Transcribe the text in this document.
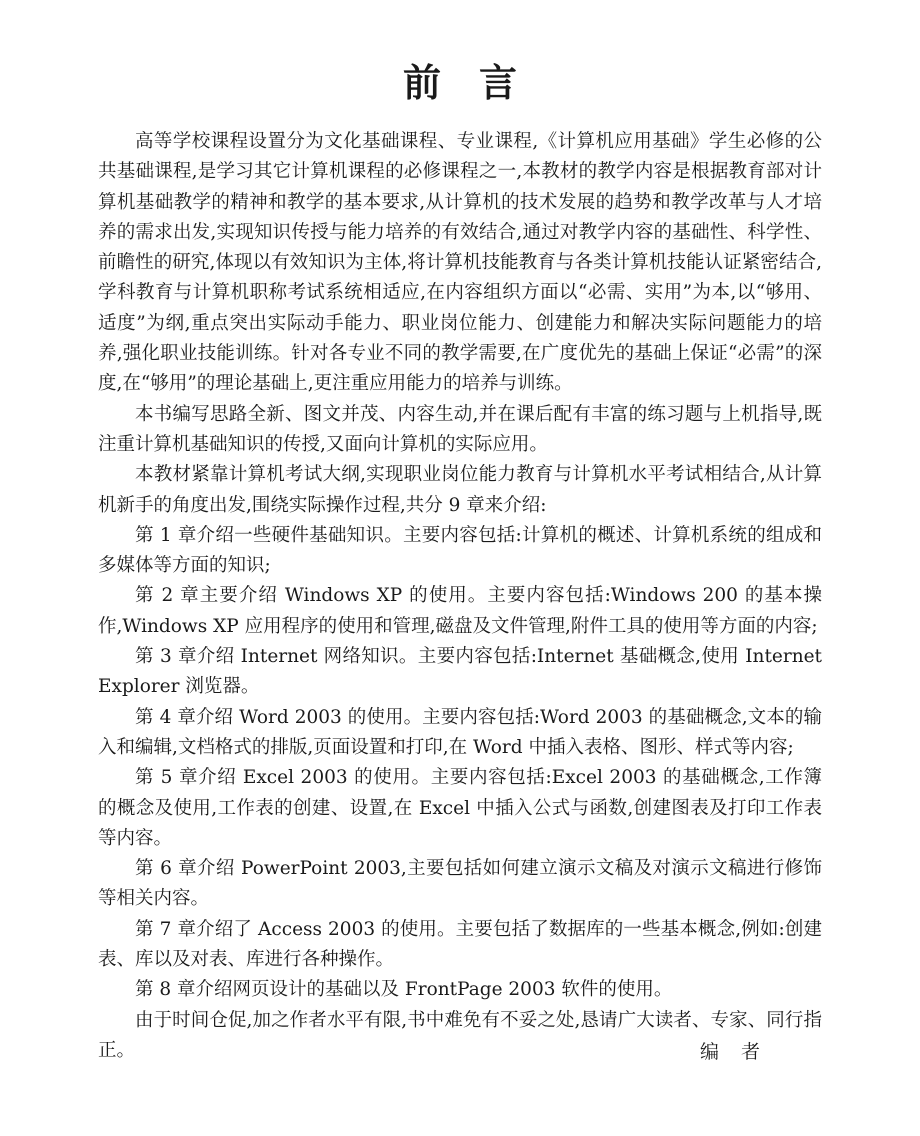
前言

高等学校课程设置分为文化基础课程、专业课程,《计算机应用基础》学生必修的公共基础课程,是学习其它计算机课程的必修课程之一,本教材的教学内容是根据教育部对计算机基础教学的精神和教学的基本要求,从计算机的技术发展的趋势和教学改革与人才培养的需求出发,实现知识传授与能力培养的有效结合,通过对教学内容的基础性、科学性、前瞻性的研究,体现以有效知识为主体,将计算机技能教育与各类计算机技能认证紧密结合,学科教育与计算机职称考试系统相适应,在内容组织方面以“必需、实用”为本,以“够用、适度”为纲,重点突出实际动手能力、职业岗位能力、创建能力和解决实际问题能力的培养,强化职业技能训练。针对各专业不同的教学需要,在广度优先的基础上保证“必需”的深度,在“够用”的理论基础上,更注重应用能力的培养与训练。

本书编写思路全新、图文并茂、内容生动,并在课后配有丰富的练习题与上机指导,既注重计算机基础知识的传授,又面向计算机的实际应用。

本教材紧靠计算机考试大纲,实现职业岗位能力教育与计算机水平考试相结合,从计算机新手的角度出发,围绕实际操作过程,共分 9 章来介绍:

第 1 章介绍一些硬件基础知识。主要内容包括:计算机的概述、计算机系统的组成和多媒体等方面的知识;

第 2 章主要介绍 Windows XP 的使用。主要内容包括:Windows 200 的基本操作,Windows XP 应用程序的使用和管理,磁盘及文件管理,附件工具的使用等方面的内容;

第 3 章介绍 Internet 网络知识。主要内容包括:Internet 基础概念,使用 Internet Explorer 浏览器。

第 4 章介绍 Word 2003 的使用。主要内容包括:Word 2003 的基础概念,文本的输入和编辑,文档格式的排版,页面设置和打印,在 Word 中插入表格、图形、样式等内容;

第 5 章介绍 Excel 2003 的使用。主要内容包括:Excel 2003 的基础概念,工作簿的概念及使用,工作表的创建、设置,在 Excel 中插入公式与函数,创建图表及打印工作表等内容。

第 6 章介绍 PowerPoint 2003,主要包括如何建立演示文稿及对演示文稿进行修饰等相关内容。

第 7 章介绍了 Access 2003 的使用。主要包括了数据库的一些基本概念,例如:创建表、库以及对表、库进行各种操作。

第 8 章介绍网页设计的基础以及 FrontPage 2003 软件的使用。

由于时间仓促,加之作者水平有限,书中难免有不妥之处,恳请广大读者、专家、同行指正。	编者
